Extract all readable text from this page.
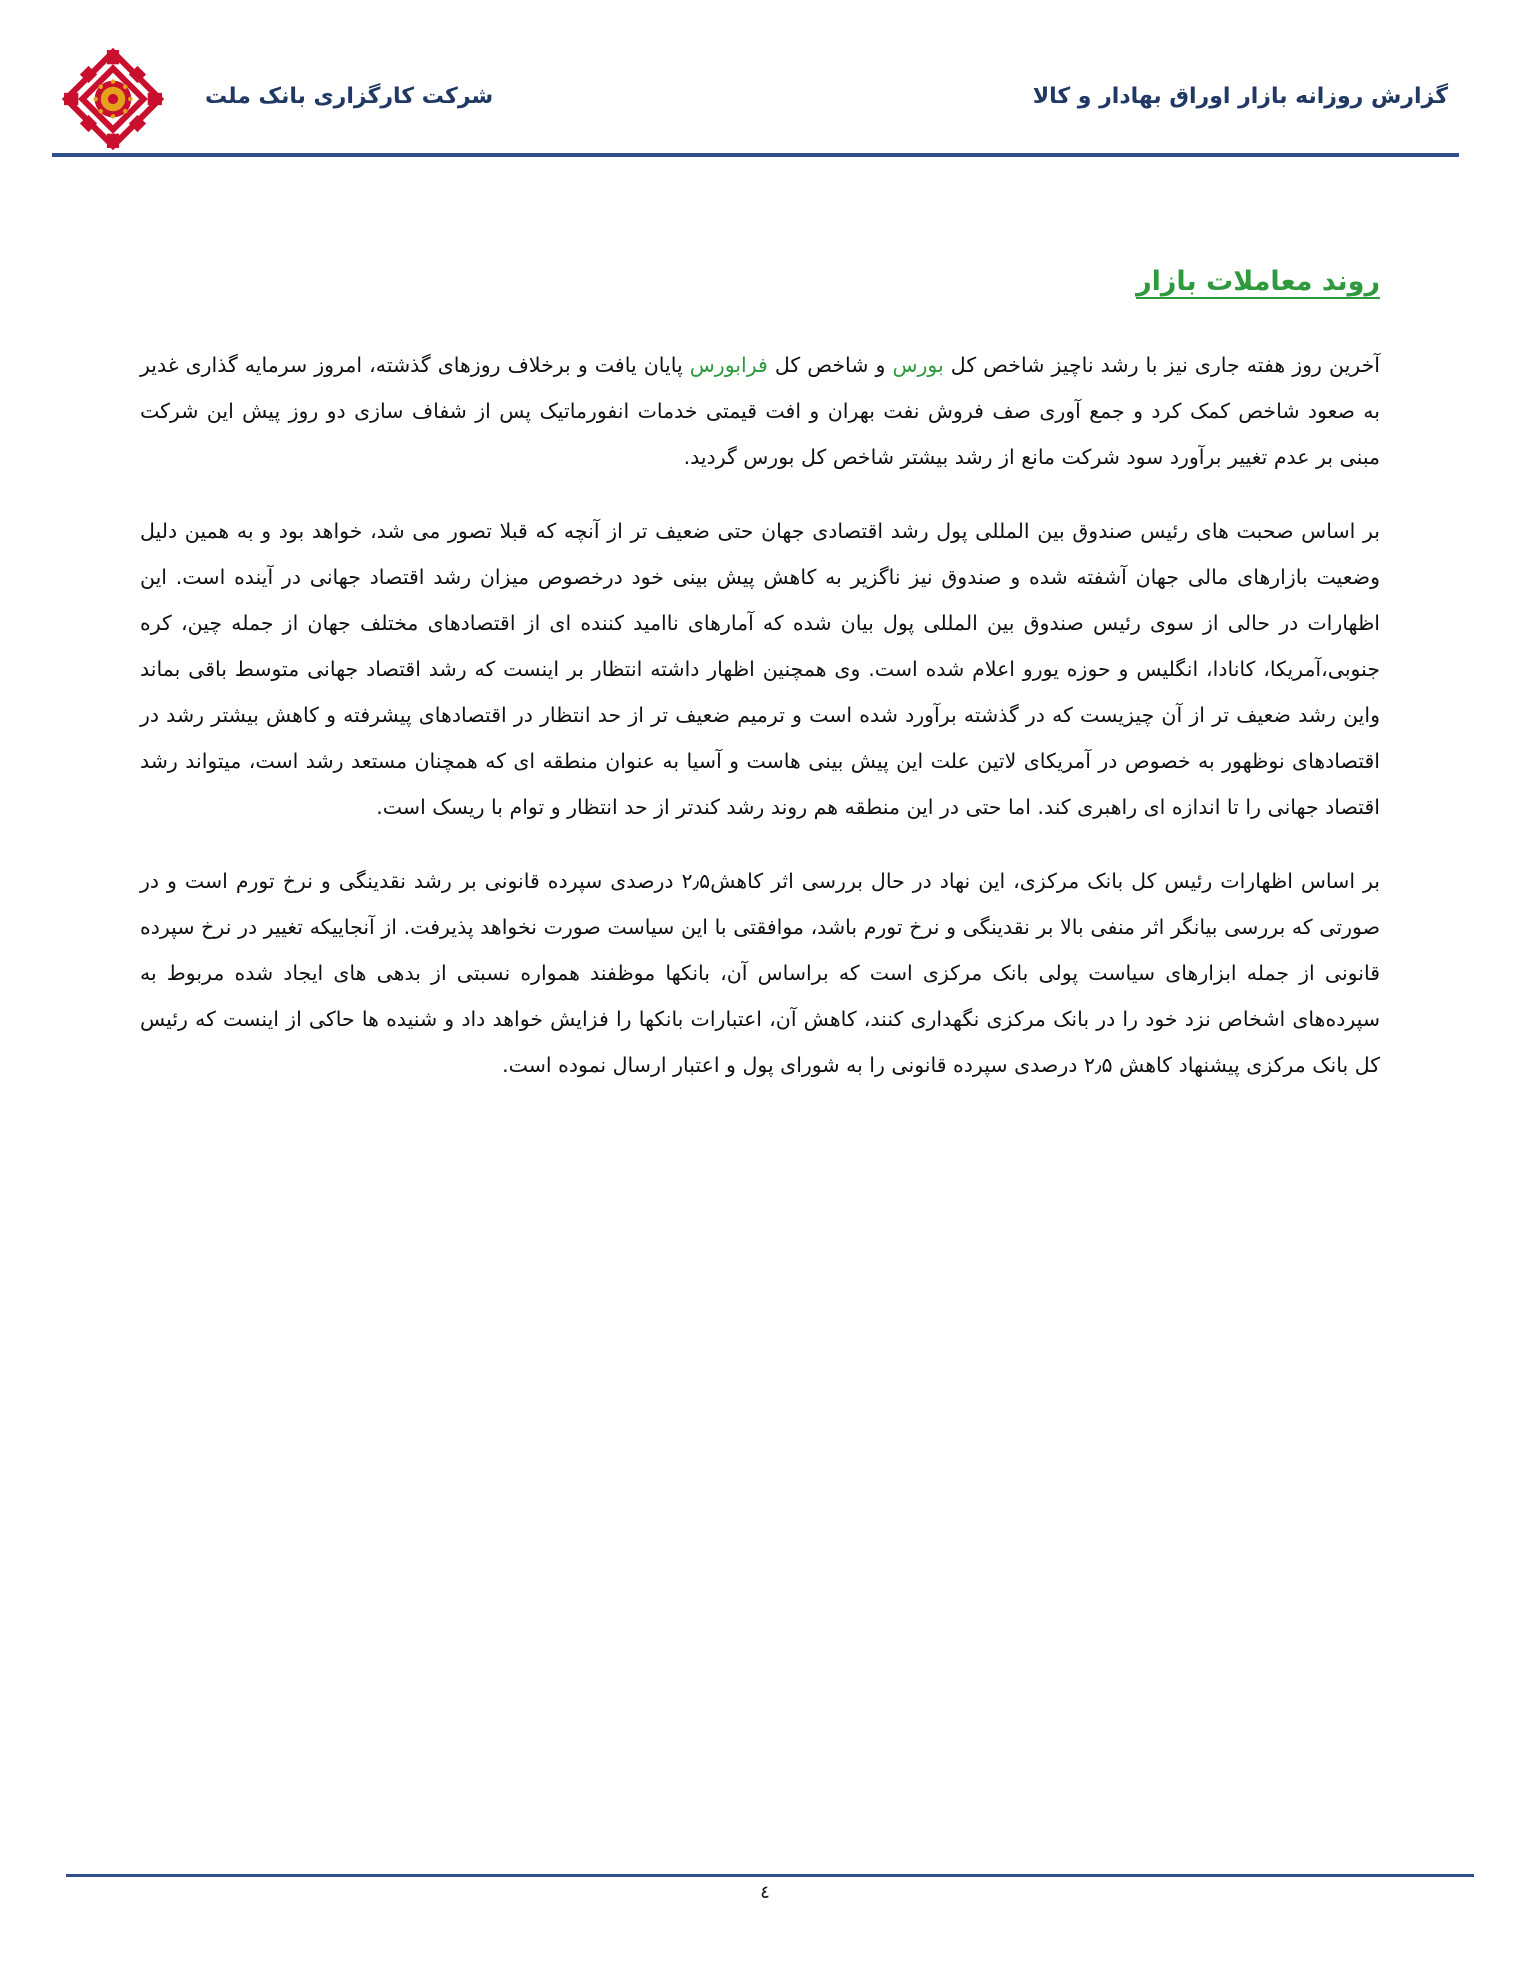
شرکت کارگزاری بانک ملت	گزارش روزانه بازار اوراق بهادار و کالا
روند معاملات بازار

آخرین روز هفته جاری نیز با رشد ناچیز شاخص کل بورس و شاخص کل فرابورس پایان یافت و برخلاف روزهای گذشته، امروز سرمایه گذاری غدیر به صعود شاخص کمک کرد و جمع آوری صف فروش نفت بهران و افت قیمتی خدمات انفورماتیک پس از شفاف سازی دو روز پیش این شرکت مبنی بر عدم تغییر برآورد سود شرکت مانع از رشد بیشتر شاخص کل بورس گردید.

بر اساس صحبت های رئیس صندوق بین المللی پول رشد اقتصادی جهان حتی ضعیف تر از آنچه که قبلا تصور می شد، خواهد بود و به همین دلیل وضعیت بازارهای مالی جهان آشفته شده و صندوق نیز ناگزیر به کاهش پیش بینی خود درخصوص میزان رشد اقتصاد جهانی در آینده است. این اظهارات در حالی از سوی رئیس صندوق بین المللی پول بیان شده که آمارهای ناامید کننده ای از اقتصادهای مختلف جهان از جمله چین، کره جنوبی،آمریکا، کانادا، انگلیس و حوزه یورو اعلام شده است. وی همچنین اظهار داشته انتظار بر اینست که رشد اقتصاد جهانی متوسط باقی بماند واین رشد ضعیف تر از آن چیزیست که در گذشته برآورد شده است و ترمیم ضعیف تر از حد انتظار در اقتصادهای پیشرفته و کاهش بیشتر رشد در اقتصادهای نوظهور به خصوص در آمریکای لاتین علت این پیش بینی هاست و آسیا به عنوان منطقه ای که همچنان مستعد رشد است، میتواند رشد اقتصاد جهانی را تا اندازه ای راهبری کند. اما حتی در این منطقه هم روند رشد کندتر از حد انتظار و توام با ریسک است.

بر اساس اظهارات رئیس کل بانک مرکزی، این نهاد در حال بررسی اثر کاهش۲٫۵ درصدی سپرده قانونی بر رشد نقدینگی و نرخ تورم است و در صورتی که بررسی بیانگر اثر منفی بالا بر نقدینگی و نرخ تورم باشد، موافقتی با این سیاست صورت نخواهد پذیرفت. از آنجاییکه تغییر در نرخ سپرده قانونی از جمله ابزارهای سیاست پولی بانک مرکزی است که براساس آن، بانکها موظفند همواره نسبتی از بدهی های ایجاد شده مربوط به سپرده‌های اشخاص نزد خود را در بانک مرکزی نگهداری کنند، کاهش آن، اعتبارات بانکها را فزایش خواهد داد و شنیده ها حاکی از اینست که رئیس کل بانک مرکزی پیشنهاد کاهش ۲٫۵ درصدی سپرده قانونی را به شورای پول و اعتبار ارسال نموده است.

٤
